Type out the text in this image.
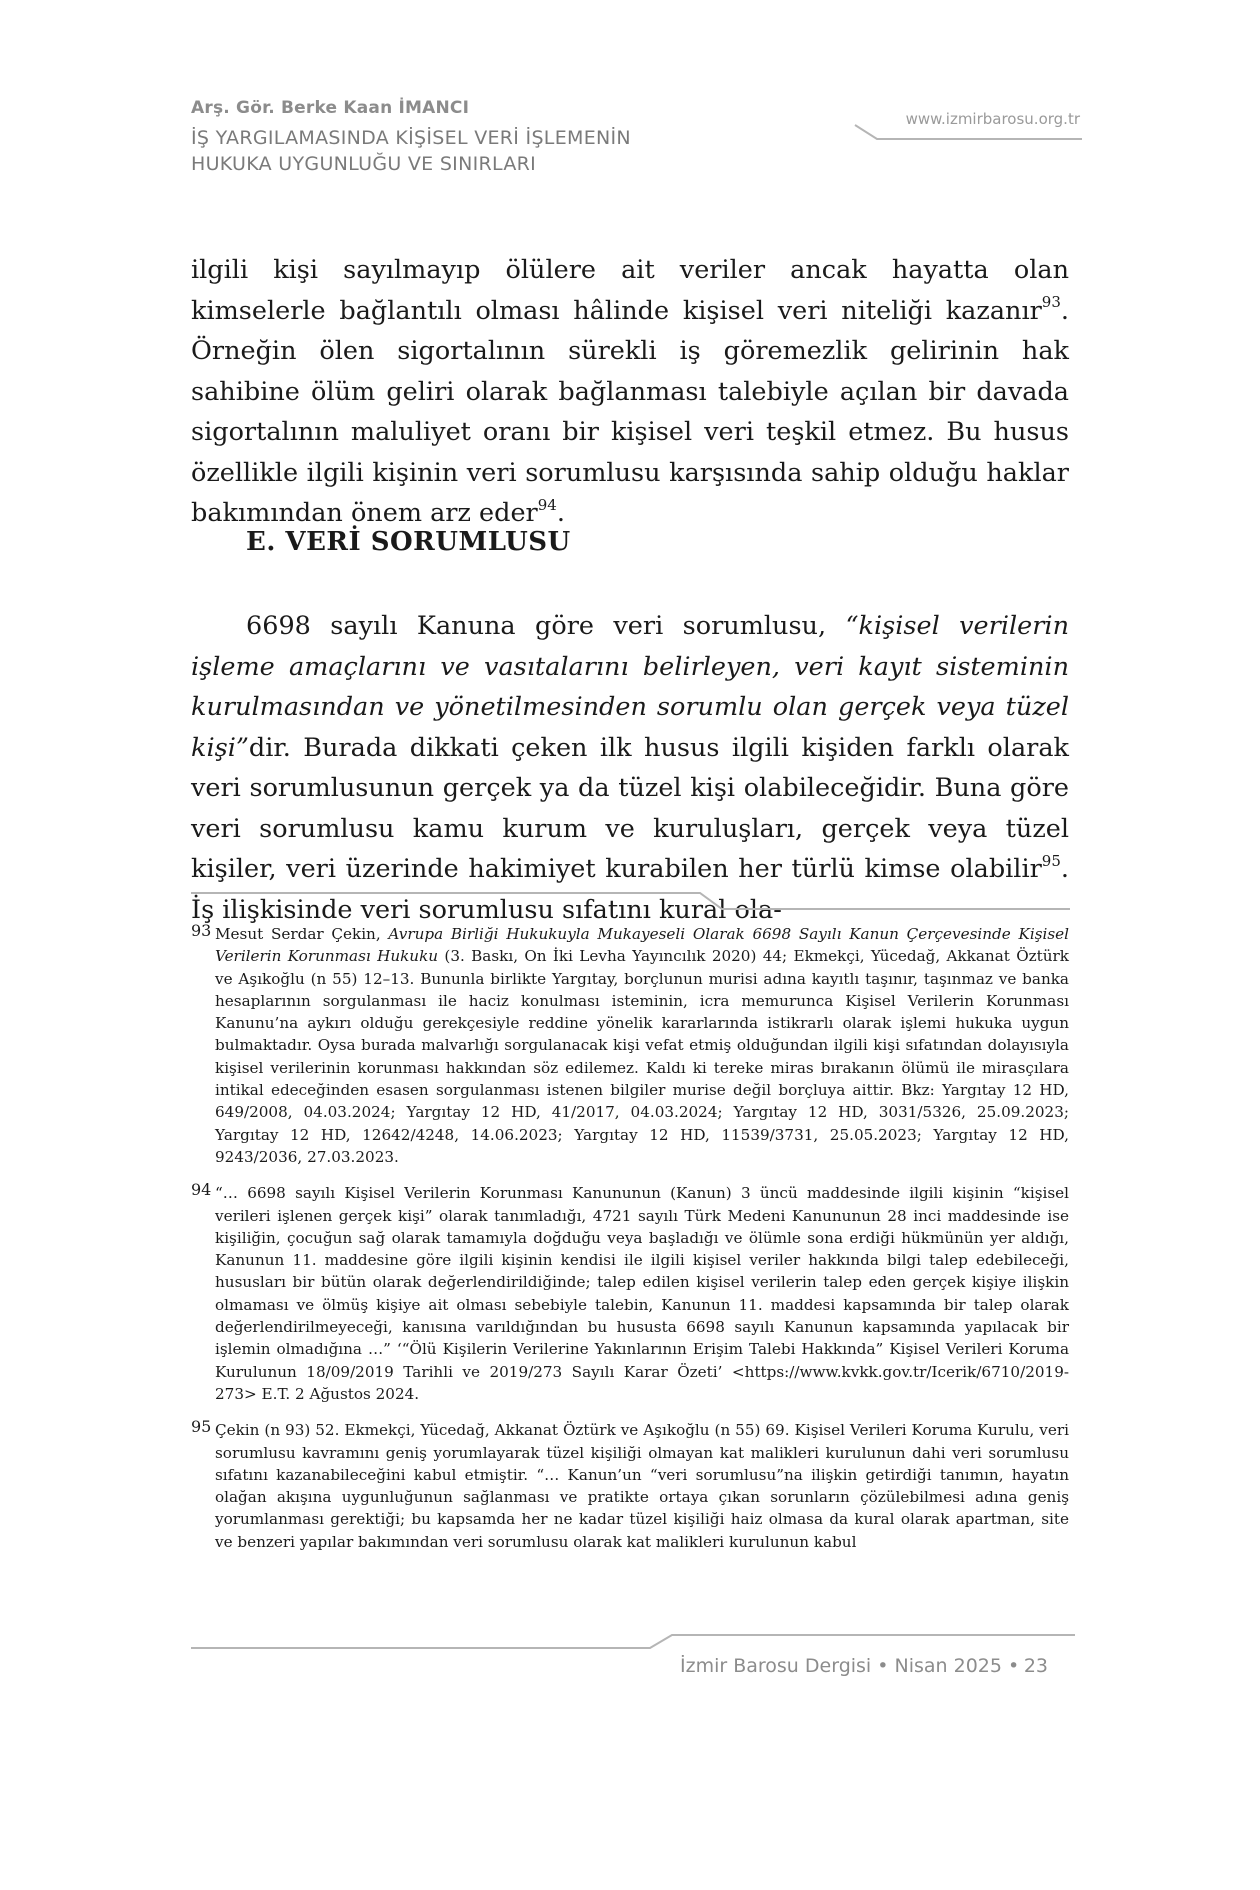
Arş. Gör. Berke Kaan İMANCI
İŞ YARGILAMASINDA KİŞİSEL VERİ İŞLEMENİN
HUKUKA UYGUNLUĞU VE SINIRLARI
www.izmirbarosu.org.tr
ilgili kişi sayılmayıp ölülere ait veriler ancak hayatta olan kimselerle bağlantılı olması hâlinde kişisel veri niteliği kazanır$^{93}$. Örneğin ölen sigortalının sürekli iş göremezlik gelirinin hak sahibine ölüm geliri olarak bağlanması talebiyle açılan bir davada sigortalının maluliyet oranı bir kişisel veri teşkil etmez. Bu husus özellikle ilgili kişinin veri sorumlusu karşısında sahip olduğu haklar bakımından önem arz eder$^{94}$.
E. VERİ SORUMLUSU
6698 sayılı Kanuna göre veri sorumlusu, “kişisel verilerin işleme amaçlarını ve vasıtalarını belirleyen, veri kayıt sisteminin kurulmasından ve yönetilmesinden sorumlu olan gerçek veya tüzel kişi”dir. Burada dikkati çeken ilk husus ilgili kişiden farklı olarak veri sorumlusunun gerçek ya da tüzel kişi olabileceğidir. Buna göre veri sorumlusu kamu kurum ve kuruluşları, gerçek veya tüzel kişiler, veri üzerinde hakimiyet kurabilen her türlü kimse olabilir$^{95}$. İş ilişkisinde veri sorumlusu sıfatını kural ola-
93 Mesut Serdar Çekin, Avrupa Birliği Hukukuyla Mukayeseli Olarak 6698 Sayılı Kanun Çerçevesinde Kişisel Verilerin Korunması Hukuku (3. Baskı, On İki Levha Yayıncılık 2020) 44; Ekmekçi, Yücedağ, Akkanat Öztürk ve Aşıkoğlu (n 55) 12–13. Bununla birlikte Yargıtay, borçlunun murisi adına kayıtlı taşınır, taşınmaz ve banka hesaplarının sorgulanması ile haciz konulması isteminin, icra memurunca Kişisel Verilerin Korunması Kanunu’na aykırı olduğu gerekçesiyle reddine yönelik kararlarında istikrarlı olarak işlemi hukuka uygun bulmaktadır. Oysa burada malvarlığı sorgulanacak kişi vefat etmiş olduğundan ilgili kişi sıfatından dolayısıyla kişisel verilerinin korunması hakkından söz edilemez. Kaldı ki tereke miras bırakanın ölümü ile mirasçılara intikal edeceğinden esasen sorgulanması istenen bilgiler murise değil borçluya aittir. Bkz: Yargıtay 12 HD, 649/2008, 04.03.2024; Yargıtay 12 HD, 41/2017, 04.03.2024; Yargıtay 12 HD, 3031/5326, 25.09.2023; Yargıtay 12 HD, 12642/4248, 14.06.2023; Yargıtay 12 HD, 11539/3731, 25.05.2023; Yargıtay 12 HD, 9243/2036, 27.03.2023.
94 “… 6698 sayılı Kişisel Verilerin Korunması Kanununun (Kanun) 3 üncü maddesinde ilgili kişinin “kişisel verileri işlenen gerçek kişi” olarak tanımladığı, 4721 sayılı Türk Medeni Kanununun 28 inci maddesinde ise kişiliğin, çocuğun sağ olarak tamamıyla doğduğu veya başladığı ve ölümle sona erdiği hükmünün yer aldığı, Kanunun 11. maddesine göre ilgili kişinin kendisi ile ilgili kişisel veriler hakkında bilgi talep edebileceği, hususları bir bütün olarak değerlendirildiğinde; talep edilen kişisel verilerin talep eden gerçek kişiye ilişkin olmaması ve ölmüş kişiye ait olması sebebiyle talebin, Kanunun 11. maddesi kapsamında bir talep olarak değerlendirilmeyeceği, kanısına varıldığından bu hususta 6698 sayılı Kanunun kapsamında yapılacak bir işlemin olmadığına …” ‘“Ölü Kişilerin Verilerine Yakınlarının Erişim Talebi Hakkında” Kişisel Verileri Koruma Kurulunun 18/09/2019 Tarihli ve 2019/273 Sayılı Karar Özeti’ <https://www.kvkk.gov.tr/Icerik/6710/2019-273> E.T. 2 Ağustos 2024.
95 Çekin (n 93) 52. Ekmekçi, Yücedağ, Akkanat Öztürk ve Aşıkoğlu (n 55) 69. Kişisel Verileri Koruma Kurulu, veri sorumlusu kavramını geniş yorumlayarak tüzel kişiliği olmayan kat malikleri kurulunun dahi veri sorumlusu sıfatını kazanabileceğini kabul etmiştir. “… Kanun’un “veri sorumlusu”na ilişkin getirdiği tanımın, hayatın olağan akışına uygunluğunun sağlanması ve pratikte ortaya çıkan sorunların çözülebilmesi adına geniş yorumlanması gerektiği; bu kapsamda her ne kadar tüzel kişiliği haiz olmasa da kural olarak apartman, site ve benzeri yapılar bakımından veri sorumlusu olarak kat malikleri kurulunun kabul
İzmir Barosu Dergisi • Nisan 2025 • 23
